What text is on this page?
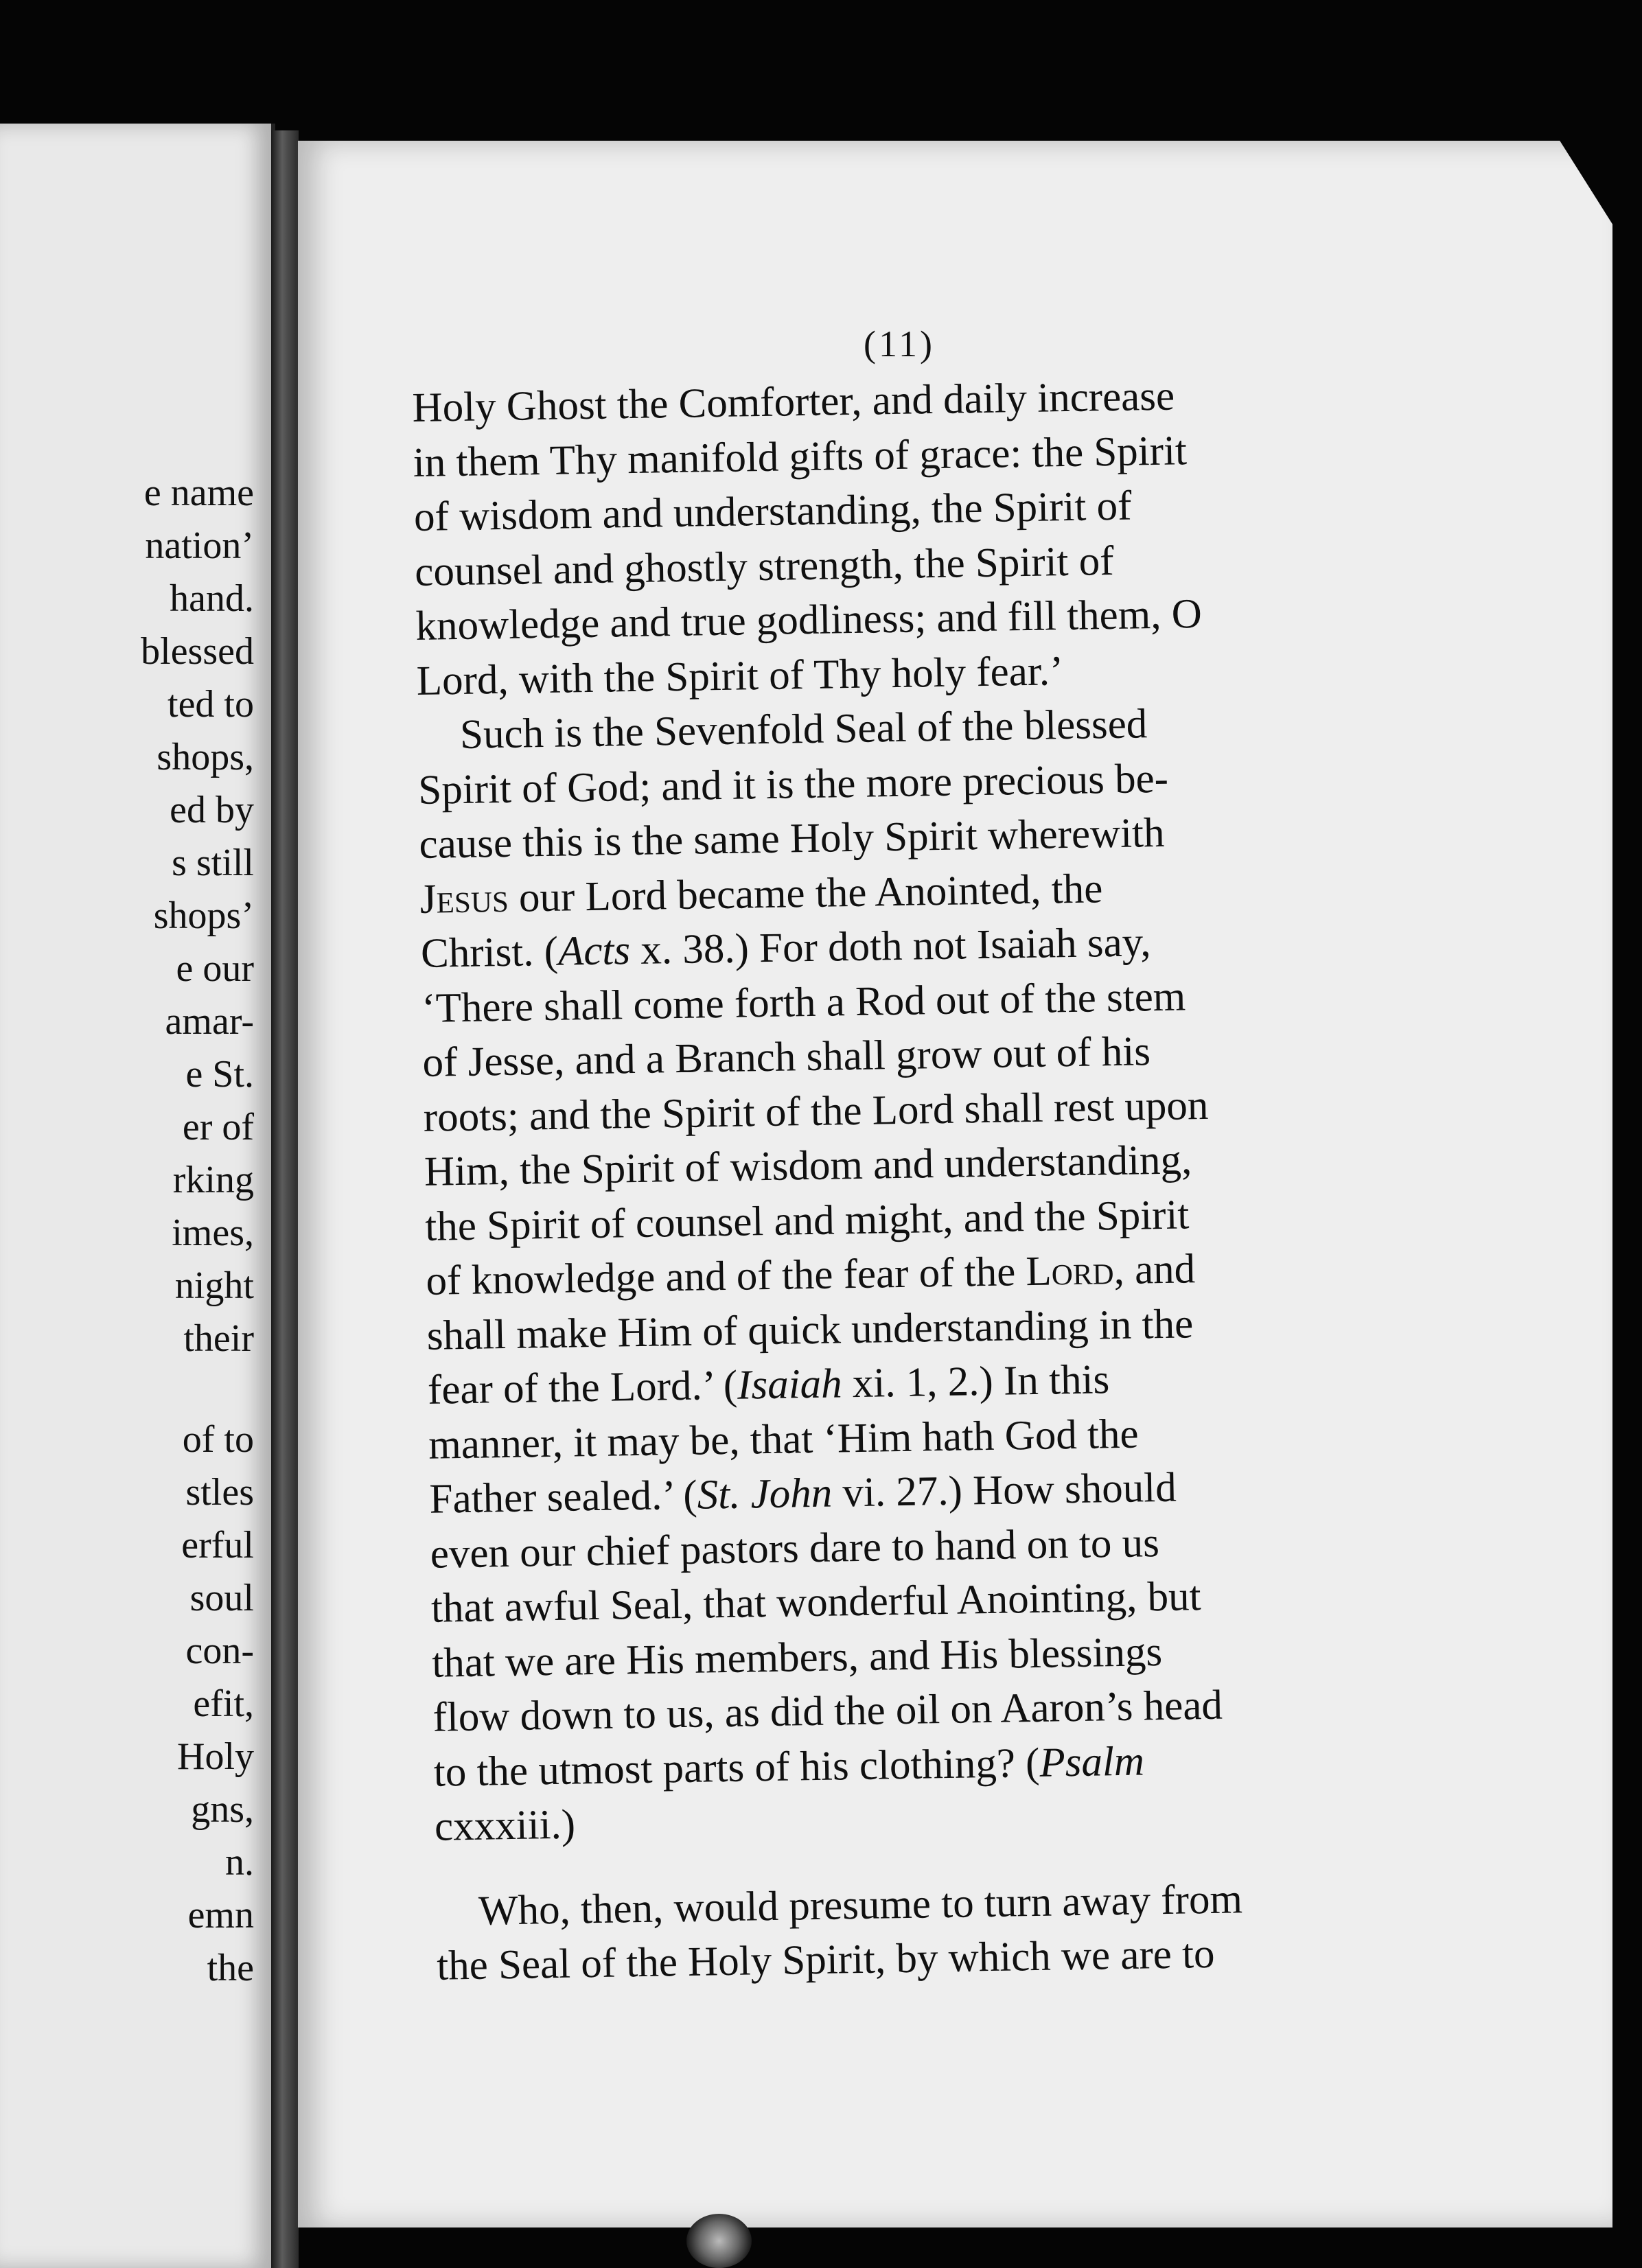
e name
nation’
hand.
blessed
ted to
shops,
ed by
s still
shops’
e our
amar-
e St.
er of
rking
imes,
night
their
of to
stles
erful
soul
con-
efit,
Holy
gns,
n.
emn
the
(11)
Holy Ghost the Comforter, and daily increase
in them Thy manifold gifts of grace: the Spirit
of wisdom and understanding, the Spirit of
counsel and ghostly strength, the Spirit of
knowledge and true godliness; and fill them, O
Lord, with the Spirit of Thy holy fear.’
Such is the Sevenfold Seal of the blessed
Spirit of God; and it is the more precious be-
cause this is the same Holy Spirit wherewith
Jesus our Lord became the Anointed, the
Christ. (Acts x. 38.) For doth not Isaiah say,
‘There shall come forth a Rod out of the stem
of Jesse, and a Branch shall grow out of his
roots; and the Spirit of the Lord shall rest upon
Him, the Spirit of wisdom and understanding,
the Spirit of counsel and might, and the Spirit
of knowledge and of the fear of the Lord, and
shall make Him of quick understanding in the
fear of the Lord.’ (Isaiah xi. 1, 2.) In this
manner, it may be, that ‘Him hath God the
Father sealed.’ (St. John vi. 27.) How should
even our chief pastors dare to hand on to us
that awful Seal, that wonderful Anointing, but
that we are His members, and His blessings
flow down to us, as did the oil on Aaron’s head
to the utmost parts of his clothing? (Psalm
cxxxiii.)
Who, then, would presume to turn away from
the Seal of the Holy Spirit, by which we are to
